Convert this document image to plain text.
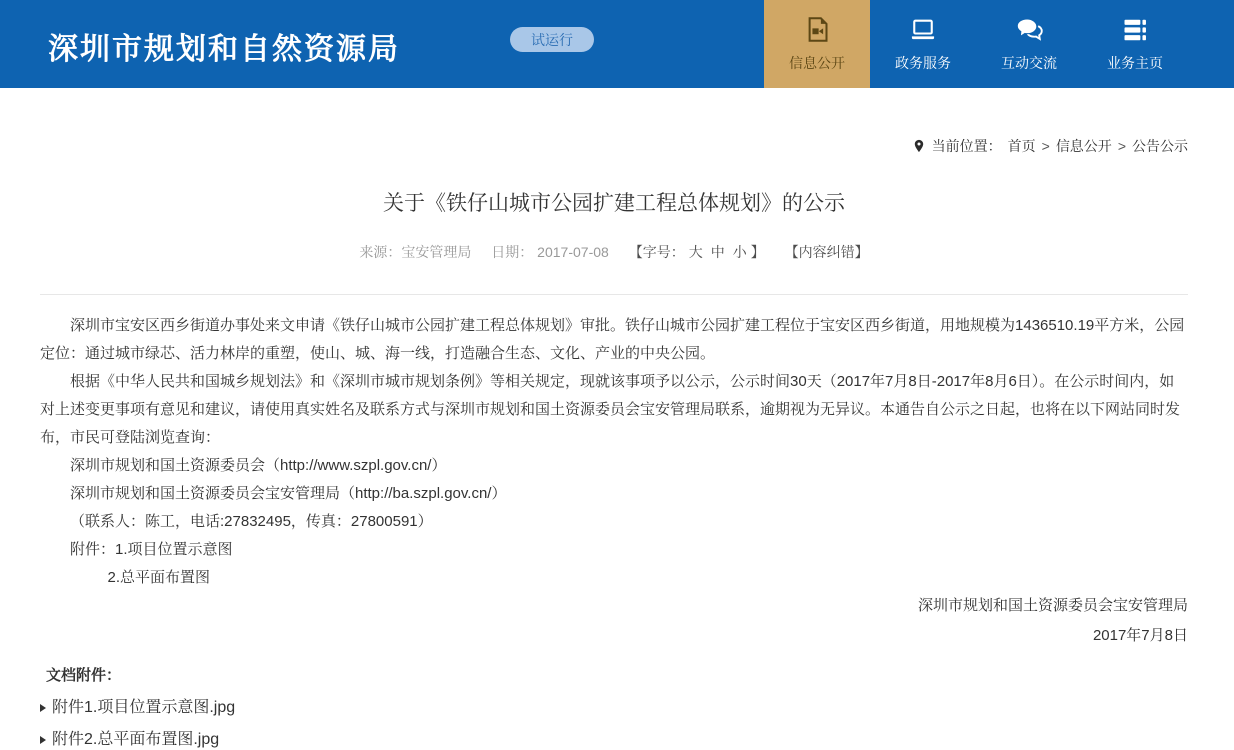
深圳市规划和自然资源局	试运行
信息公开	政务服务	互动交流	业务主页
当前位置： 首页 > 信息公开 > 公告公示
关于《铁仔山城市公园扩建工程总体规划》的公示
来源：宝安管理局 日期： 2017-07-08 【字号： 大 中 小 】 【内容纠错】

深圳市宝安区西乡街道办事处来文申请《铁仔山城市公园扩建工程总体规划》审批。铁仔山城市公园扩建工程位于宝安区西乡街道，用地规模为1436510.19平方米，公园定位：通过城市绿芯、活力林岸的重塑，使山、城、海一线，打造融合生态、文化、产业的中央公园。

根据《中华人民共和国城乡规划法》和《深圳市城市规划条例》等相关规定，现就该事项予以公示，公示时间30天（2017年7月8日-2017年8月6日）。在公示时间内，如对上述变更事项有意见和建议，请使用真实姓名及联系方式与深圳市规划和国土资源委员会宝安管理局联系，逾期视为无异议。本通告自公示之日起，也将在以下网站同时发布，市民可登陆浏览查询：

深圳市规划和国土资源委员会（http://www.szpl.gov.cn/）

深圳市规划和国土资源委员会宝安管理局（http://ba.szpl.gov.cn/）

（联系人：陈工，电话:27832495，传真：27800591）

附件：1.项目位置示意图

2.总平面布置图

深圳市规划和国土资源委员会宝安管理局
2017年7月8日

文档附件：

附件1.项目位置示意图.jpg
附件2.总平面布置图.jpg
